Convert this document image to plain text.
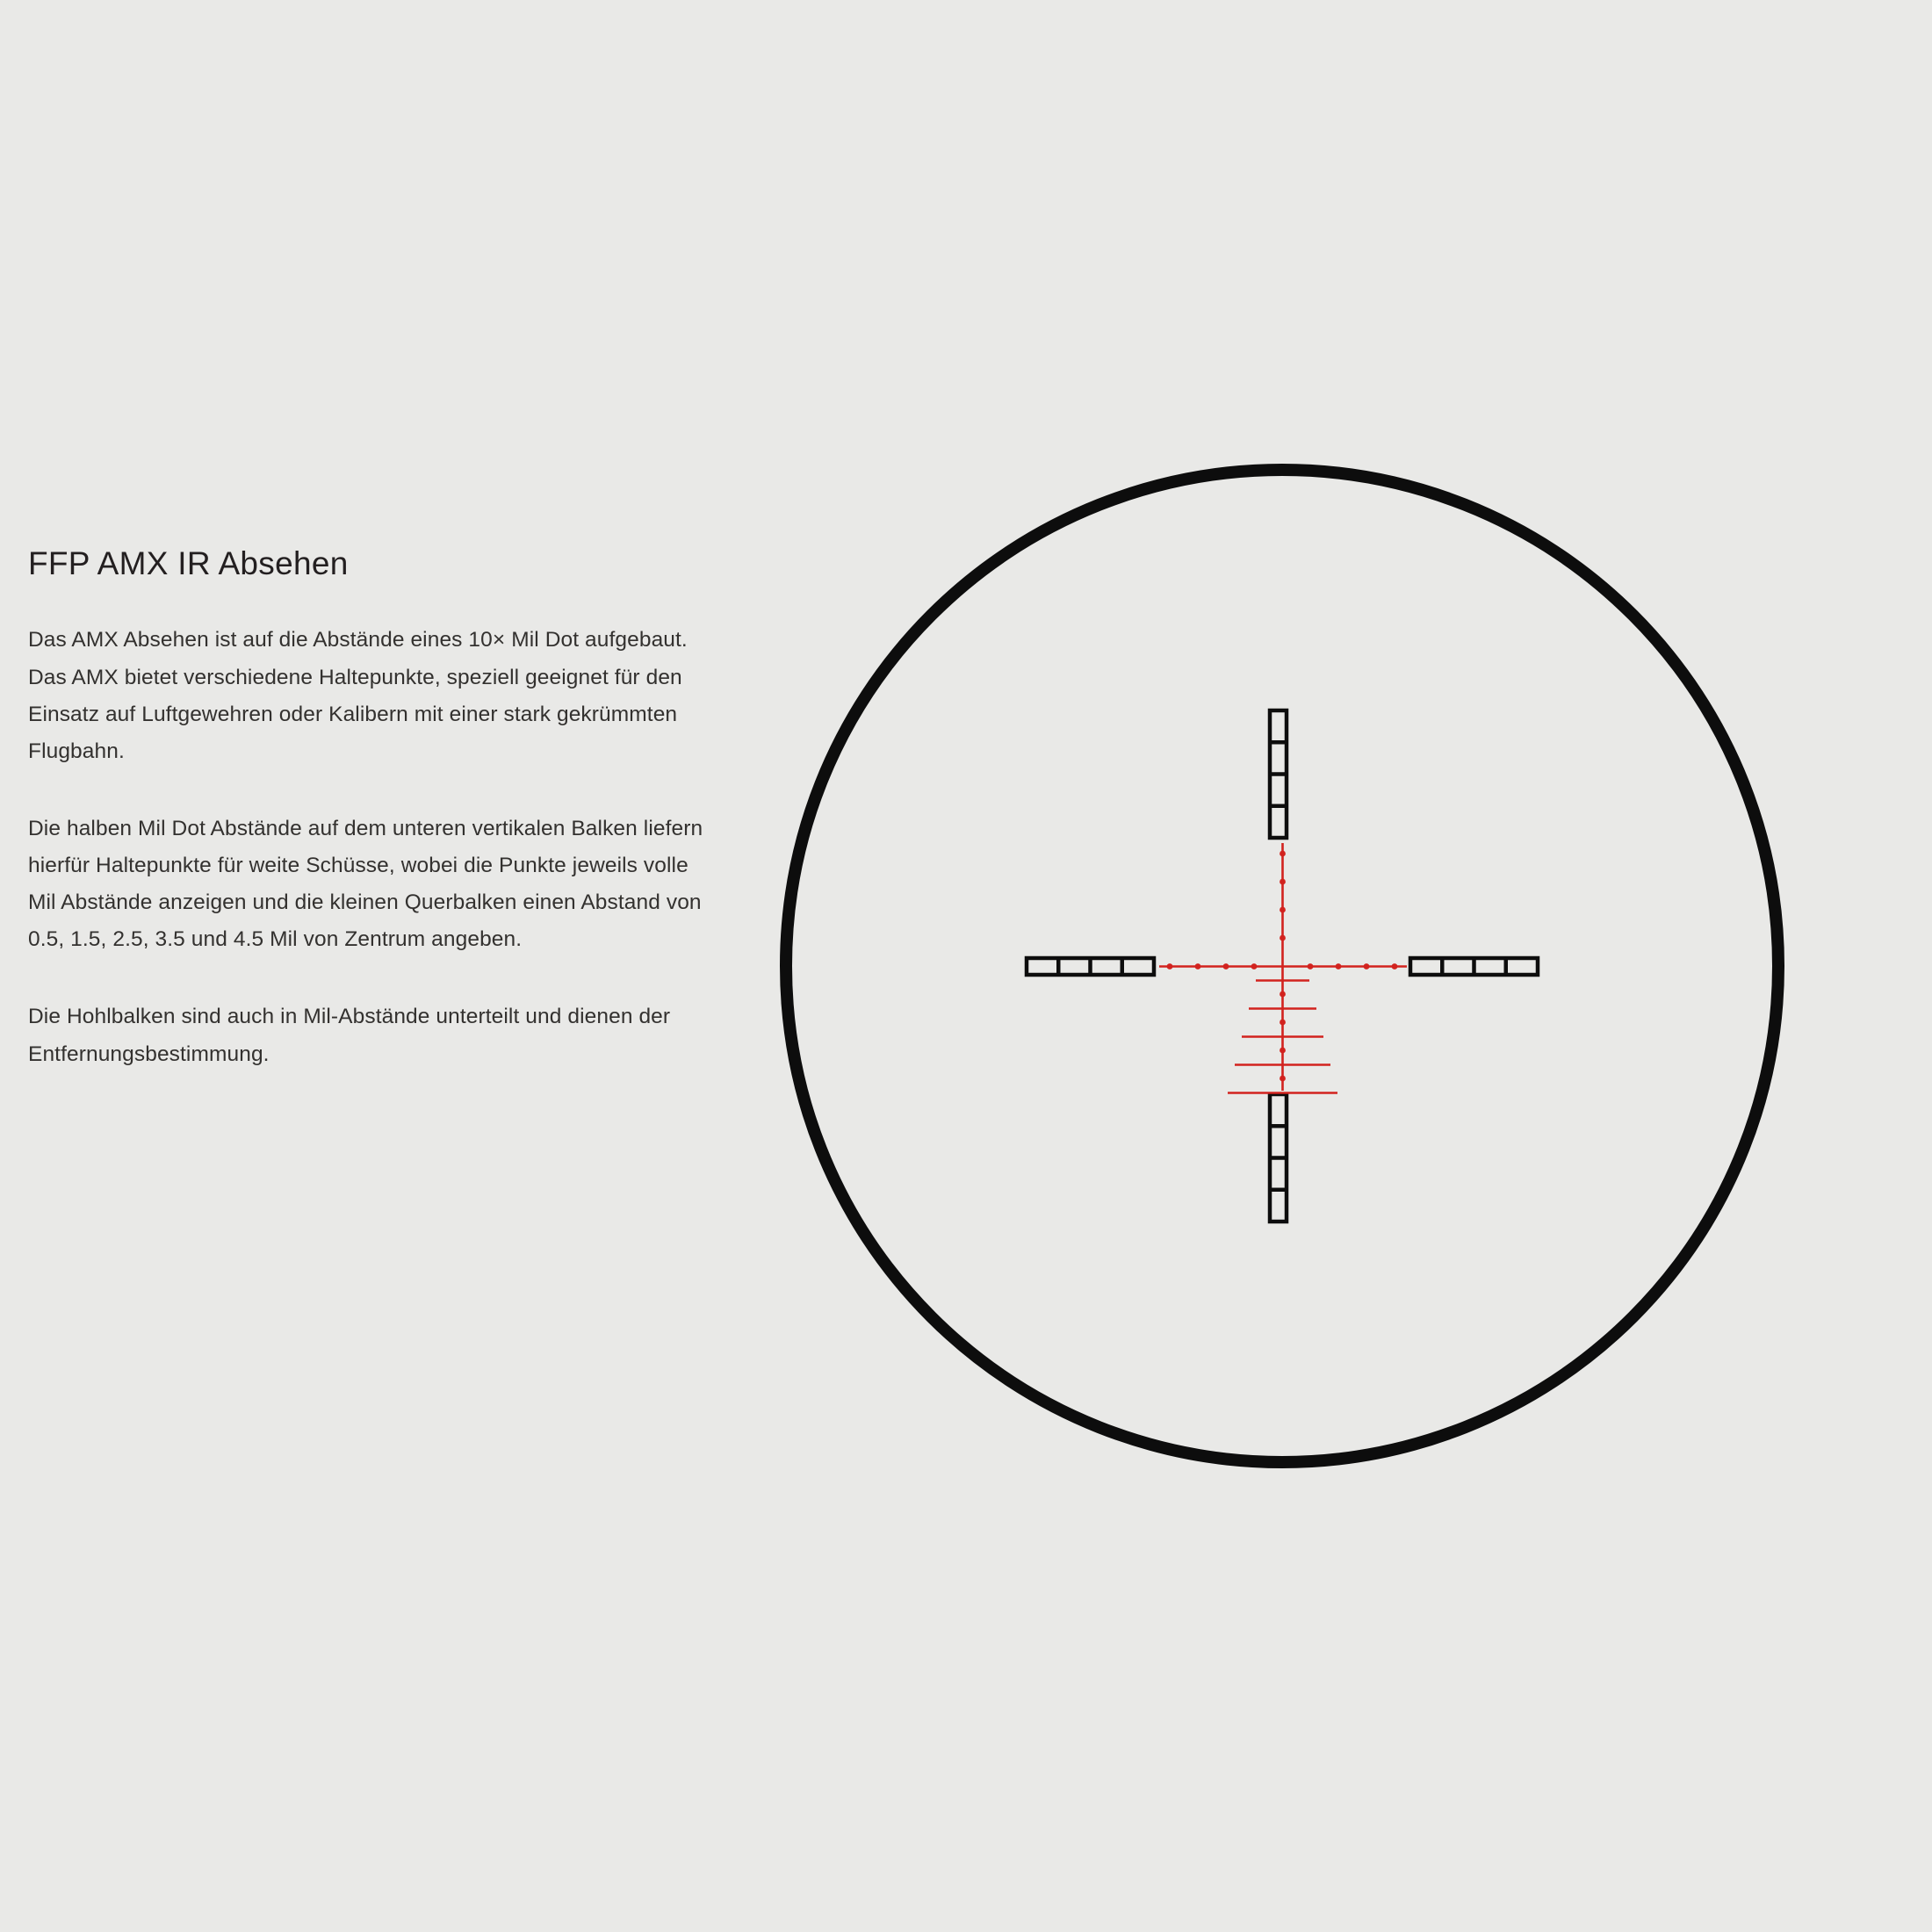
FFP AMX IR Absehen

Das AMX Absehen ist auf die Abstände eines 10× Mil Dot aufgebaut. Das AMX bietet verschiedene Haltepunkte, speziell geeignet für den Einsatz auf Luftgewehren oder Kalibern mit einer stark gekrümmten Flugbahn.

Die halben Mil Dot Abstände auf dem unteren vertikalen Balken liefern hierfür Haltepunkte für weite Schüsse, wobei die Punkte jeweils volle Mil Abstände anzeigen und die kleinen Querbalken einen Abstand von 0.5, 1.5, 2.5, 3.5 und 4.5 Mil von Zentrum angeben.

Die Hohlbalken sind auch in Mil-Abstände unterteilt und dienen der Entfernungsbestimmung.
